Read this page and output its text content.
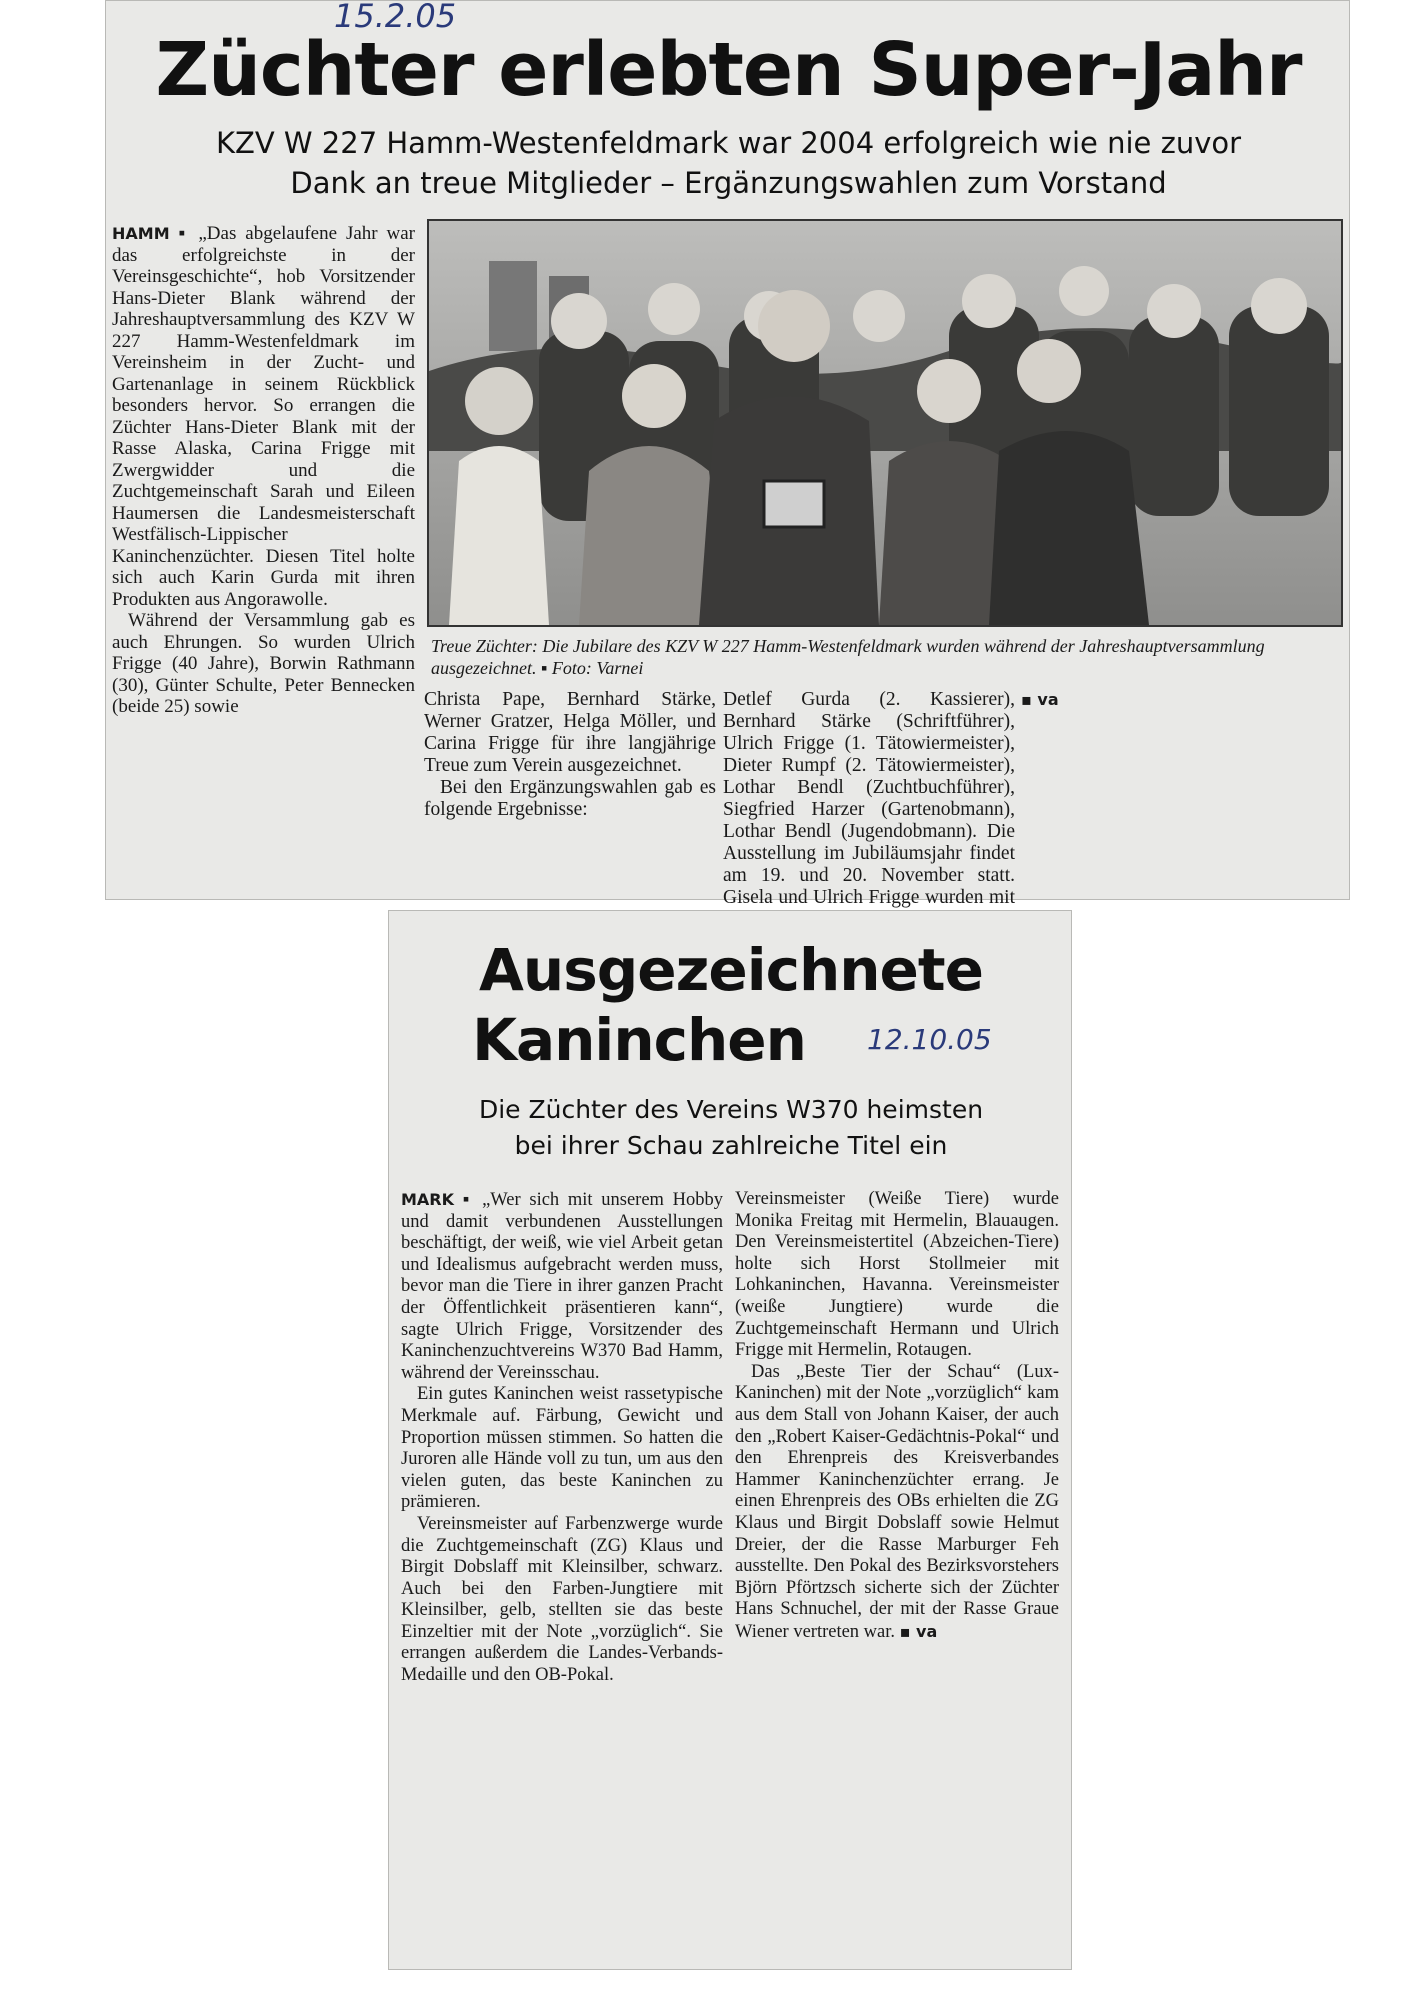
15.2.05
Züchter erlebten Super-Jahr
KZV W 227 Hamm-Westenfeldmark war 2004 erfolgreich wie nie zuvor
Dank an treue Mitglieder – Ergänzungswahlen zum Vorstand

HAMM ▪ „Das abgelaufene Jahr war das erfolgreichste in der Vereinsgeschichte“, hob Vorsitzender Hans-Dieter Blank während der Jahreshauptversammlung des KZV W 227 Hamm-Westenfeldmark im Vereinsheim in der Zucht- und Gartenanlage in seinem Rückblick besonders hervor. So errangen die Züchter Hans-Dieter Blank mit der Rasse Alaska, Carina Frigge mit Zwergwidder und die Zuchtgemeinschaft Sarah und Eileen Haumersen die Landesmeisterschaft Westfälisch-Lippischer Kaninchenzüchter. Diesen Titel holte sich auch Karin Gurda mit ihren Produkten aus Angorawolle.

Während der Versammlung gab es auch Ehrungen. So wurden Ulrich Frigge (40 Jahre), Borwin Rathmann (30), Günter Schulte, Peter Bennecken (beide 25) sowie

Treue Züchter: Die Jubilare des KZV W 227 Hamm-Westenfeldmark wurden während der Jahreshauptversammlung ausgezeichnet. ▪ Foto: Varnei

Christa Pape, Bernhard Stärke, Werner Gratzer, Helga Möller, und Carina Frigge für ihre langjährige Treue zum Verein ausgezeichnet.

Bei den Ergänzungswahlen gab es folgende Ergebnisse:

Detlef Gurda (2. Kassierer), Bernhard Stärke (Schriftführer), Ulrich Frigge (1. Tätowiermeister), Dieter Rumpf (2. Tätowiermeister), Lothar Bendl (Zuchtbuchführer), Siegfried Harzer (Gartenobmann), Lothar Bendl (Jugendobmann). Die Ausstellung im Jubiläumsjahr findet am 19. und 20. November statt. Gisela und Ulrich Frigge wurden mit

▪ va

Ausgezeichnete
Kaninchen	12.10.05
Die Züchter des Vereins W370 heimsten
bei ihrer Schau zahlreiche Titel ein

MARK ▪ „Wer sich mit unserem Hobby und damit verbundenen Ausstellungen beschäftigt, der weiß, wie viel Arbeit getan und Idealismus aufgebracht werden muss, bevor man die Tiere in ihrer ganzen Pracht der Öffentlichkeit präsentieren kann“, sagte Ulrich Frigge, Vorsitzender des Kaninchenzuchtvereins W370 Bad Hamm, während der Vereinsschau.

Ein gutes Kaninchen weist rassetypische Merkmale auf. Färbung, Gewicht und Proportion müssen stimmen. So hatten die Juroren alle Hände voll zu tun, um aus den vielen guten, das beste Kaninchen zu prämieren.

Vereinsmeister auf Farbenzwerge wurde die Zuchtgemeinschaft (ZG) Klaus und Birgit Dobslaff mit Kleinsilber, schwarz. Auch bei den Farben-Jungtiere mit Kleinsilber, gelb, stellten sie das beste Einzeltier mit der Note „vorzüglich“. Sie errangen außerdem die Landes-Verbands-Medaille und den OB-Pokal.

Vereinsmeister (Weiße Tiere) wurde Monika Freitag mit Hermelin, Blauaugen. Den Vereinsmeistertitel (Abzeichen-Tiere) holte sich Horst Stollmeier mit Lohkaninchen, Havanna. Vereinsmeister (weiße Jungtiere) wurde die Zuchtgemeinschaft Hermann und Ulrich Frigge mit Hermelin, Rotaugen.

Das „Beste Tier der Schau“ (Lux-Kaninchen) mit der Note „vorzüglich“ kam aus dem Stall von Johann Kaiser, der auch den „Robert Kaiser-Gedächtnis-Pokal“ und den Ehrenpreis des Kreisverbandes Hammer Kaninchenzüchter errang. Je einen Ehrenpreis des OBs erhielten die ZG Klaus und Birgit Dobslaff sowie Helmut Dreier, der die Rasse Marburger Feh ausstellte. Den Pokal des Bezirksvorstehers Björn Pförtzsch sicherte sich der Züchter Hans Schnuchel, der mit der Rasse Graue Wiener vertreten war. ▪ va
